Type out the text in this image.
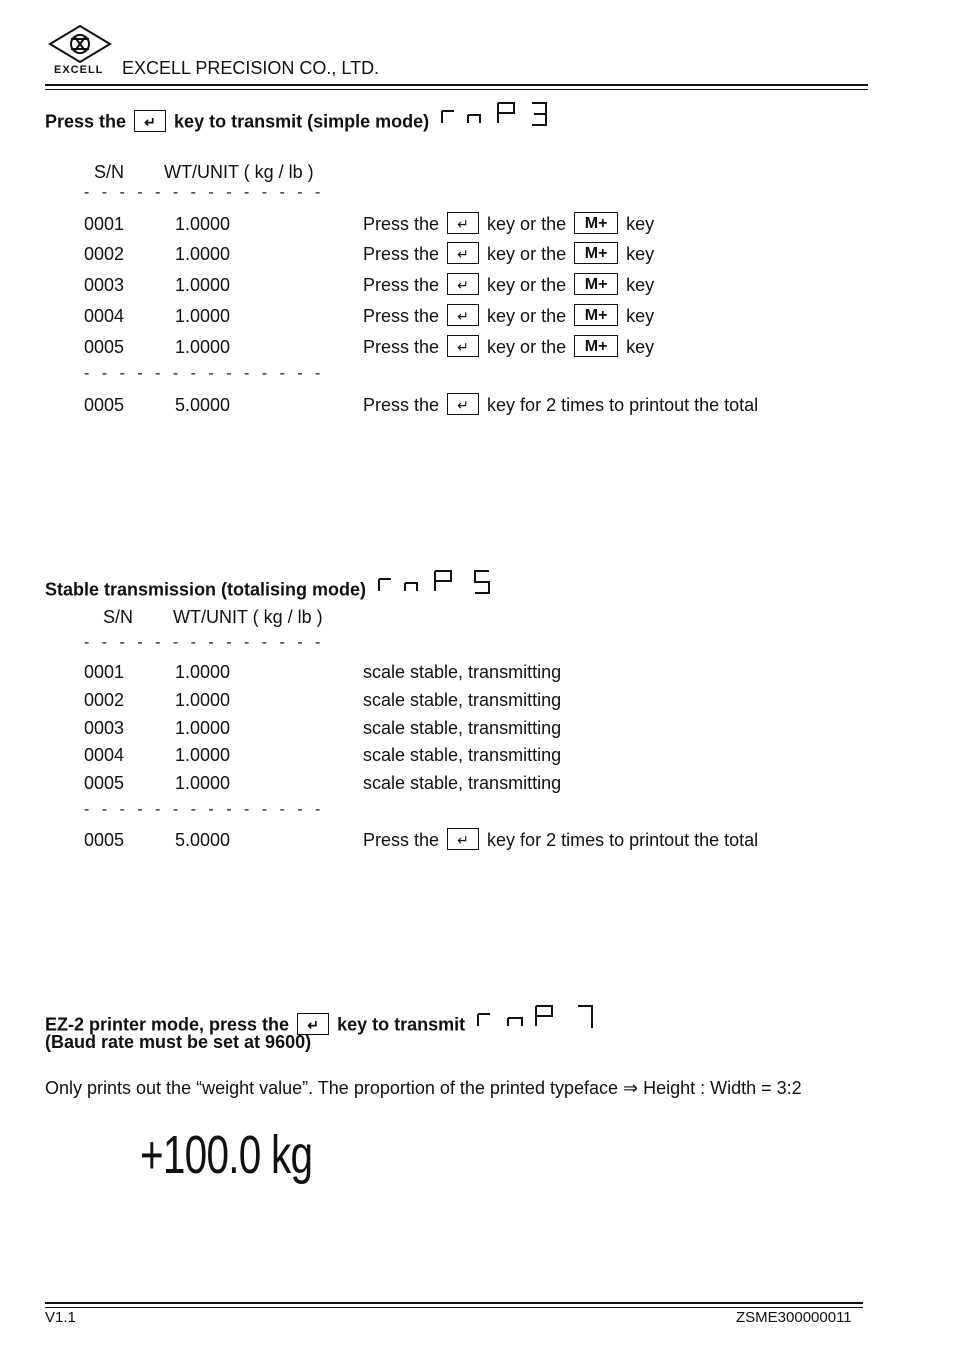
EXCELL EXCELL PRECISION CO., LTD.
Press the ↵ key to transmit (simple mode)
S/N WT/UNIT ( kg / lb )
- - - - - - - - - - - - - -
0001	1.0000	Press the ↵ key or the M+ key
0002	1.0000	Press the ↵ key or the M+ key
0003	1.0000	Press the ↵ key or the M+ key
0004	1.0000	Press the ↵ key or the M+ key
0005	1.0000	Press the ↵ key or the M+ key
- - - - - - - - - - - - - -
0005	5.0000	Press the ↵ key for 2 times to printout the total
Stable transmission (totalising mode)
S/N WT/UNIT ( kg / lb )
- - - - - - - - - - - - - -
0001	1.0000	scale stable, transmitting
0002	1.0000	scale stable, transmitting
0003	1.0000	scale stable, transmitting
0004	1.0000	scale stable, transmitting
0005	1.0000	scale stable, transmitting
- - - - - - - - - - - - - -
0005	5.0000	Press the ↵ key for 2 times to printout the total
EZ-2 printer mode, press the ↵ key to transmit
(Baud rate must be set at 9600)
Only prints out the “weight value”. The proportion of the printed typeface ⇒ Height : Width = 3:2
+100.0 kg
V1.1	ZSME300000011
